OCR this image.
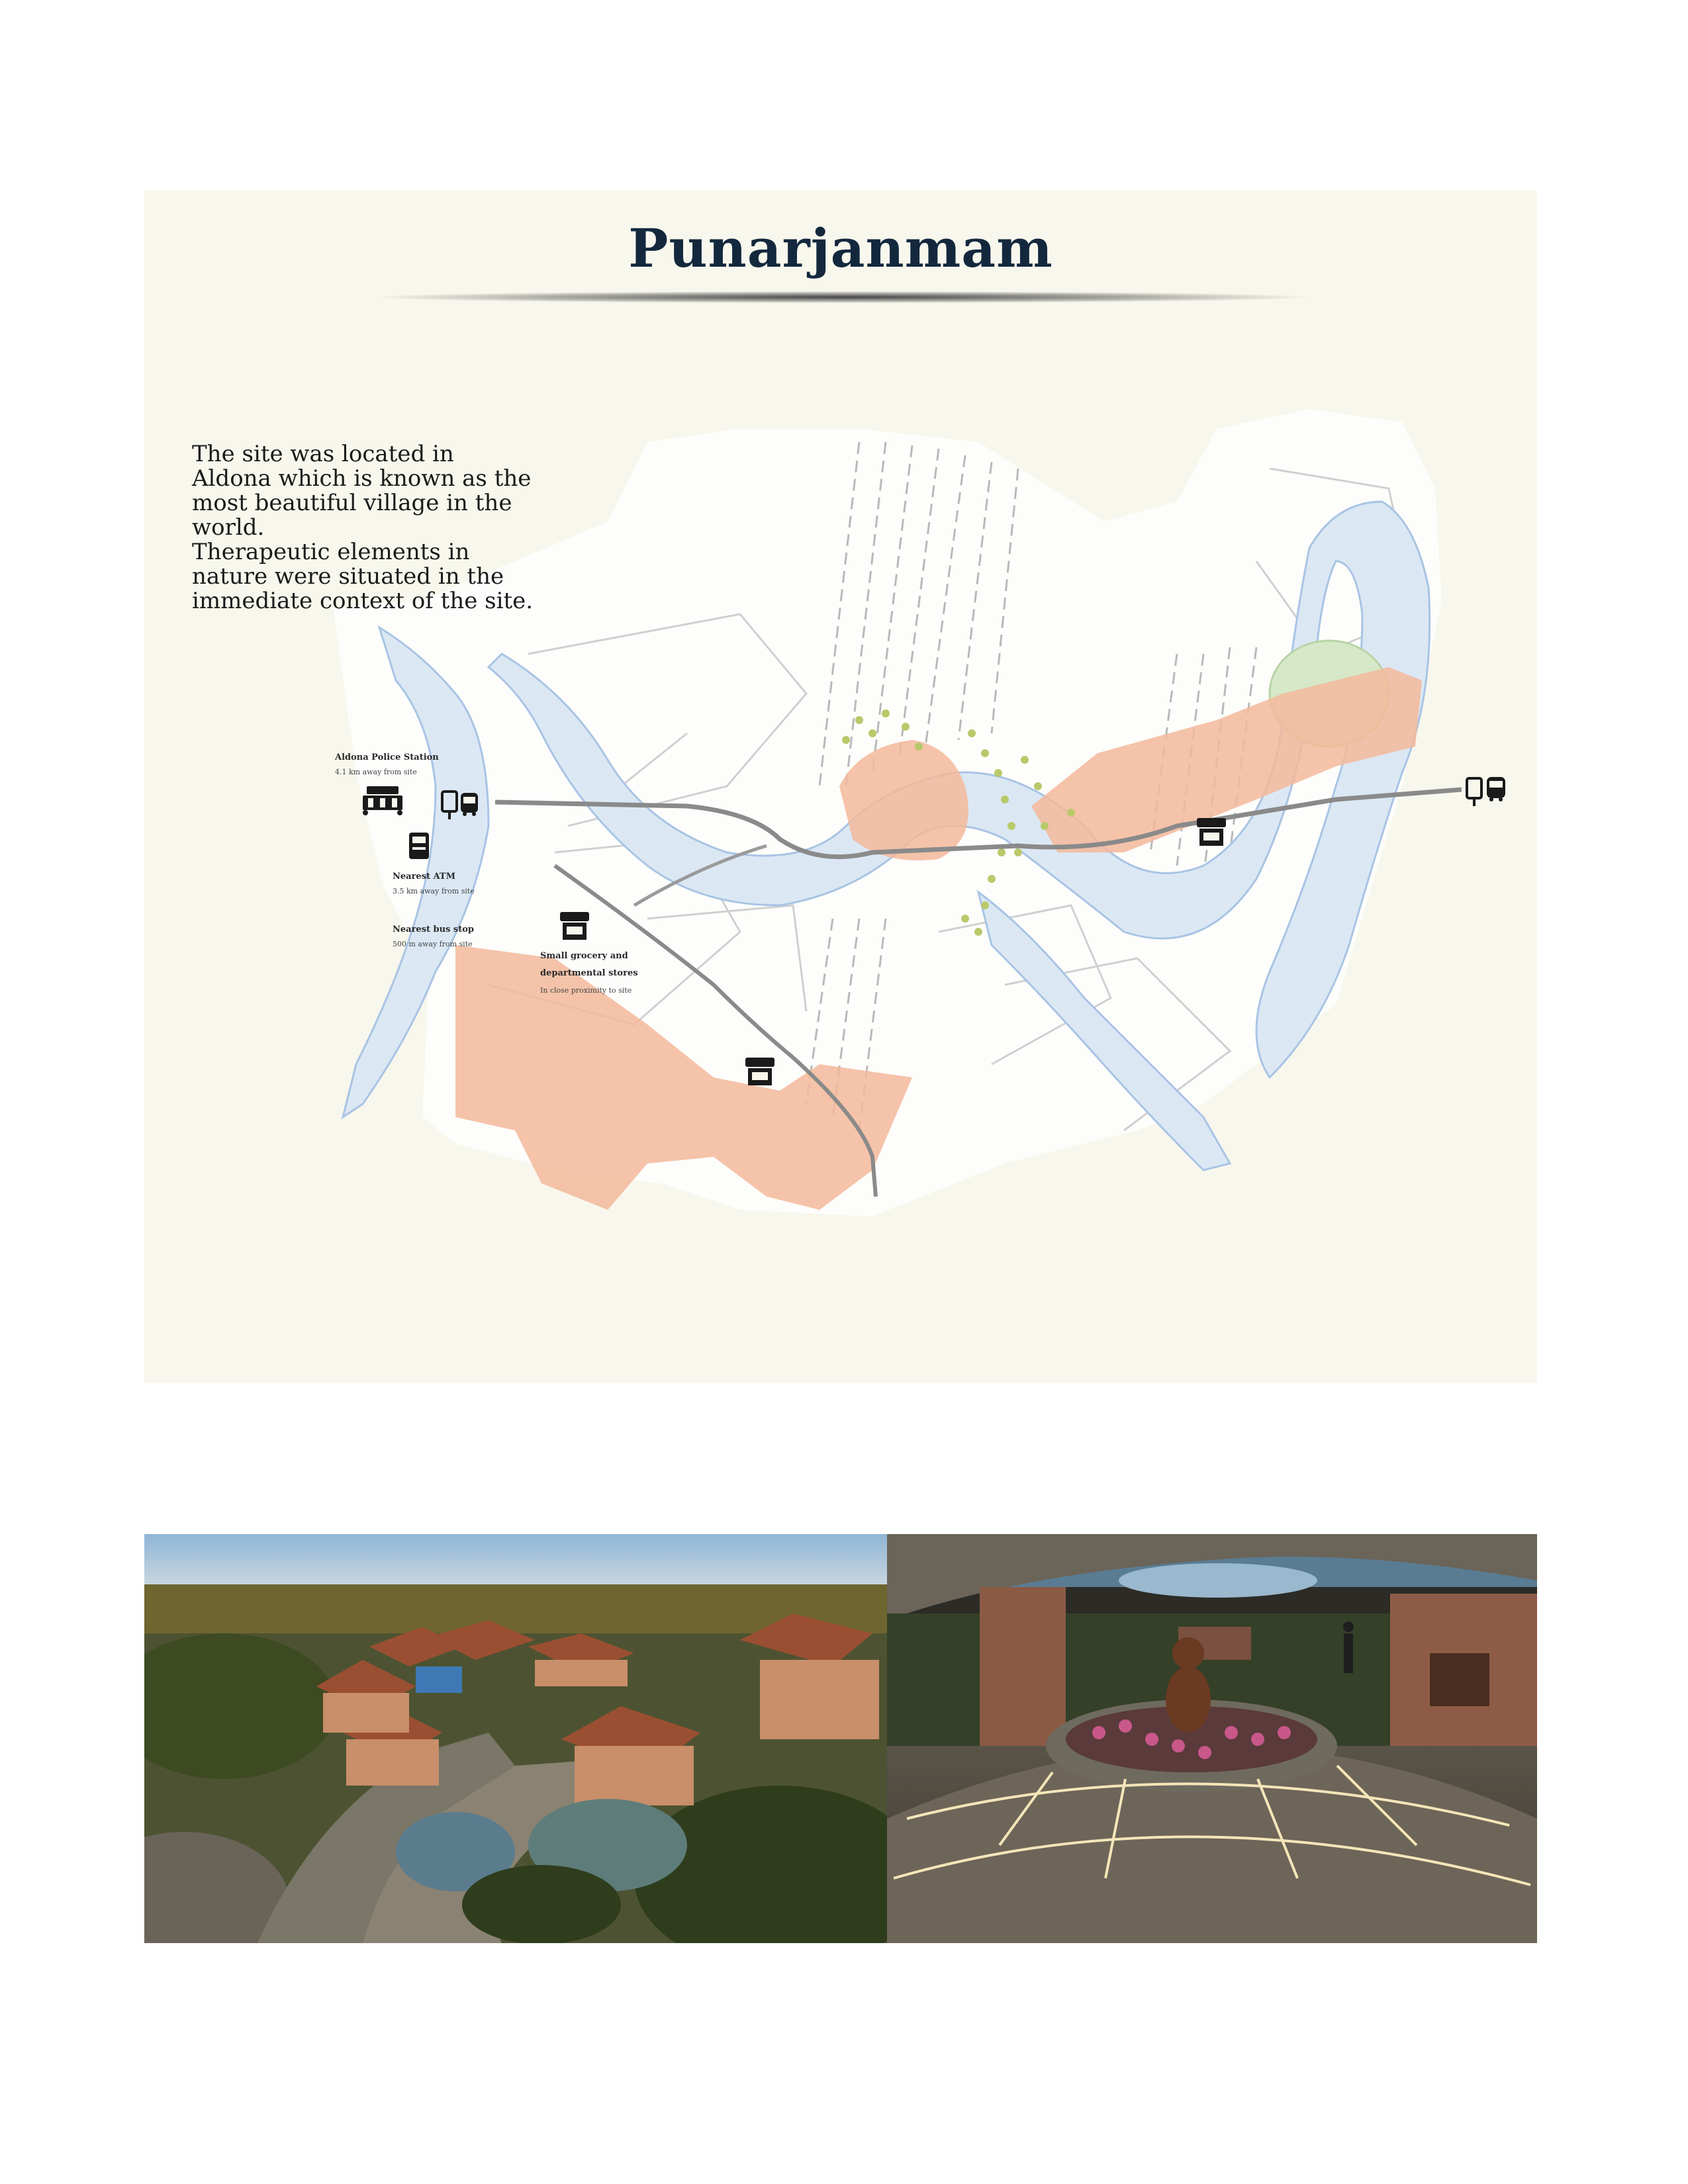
Punarjanmam
Aldona Police Station
4.1 km away from site
Nearest ATM
3.5 km away from site
Nearest bus stop
500 m away from site
Small grocery and
departmental stores
In close proximity to site

The site was located in Aldona which is known as the most beautiful village in the world.

Therapeutic elements in nature were situated in the immediate context of the site.
